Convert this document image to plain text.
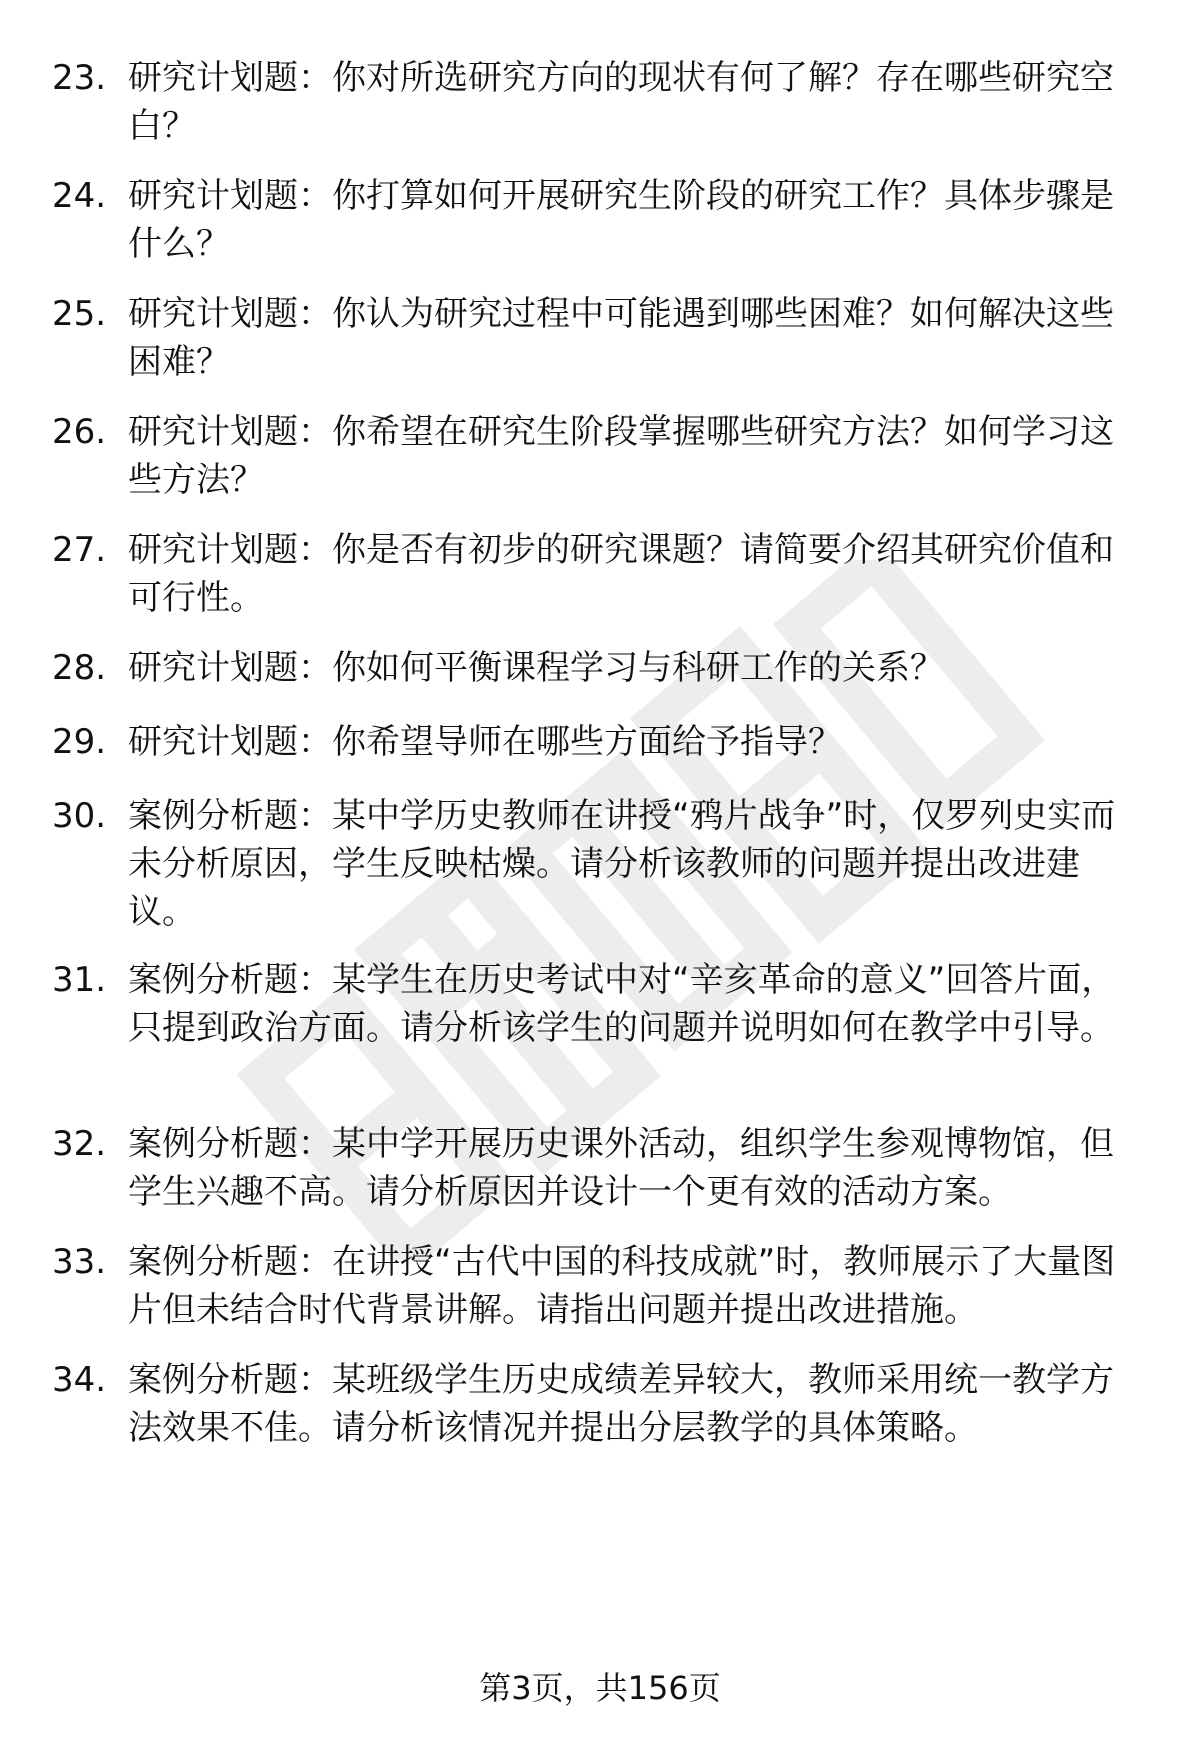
23. 研究计划题：你对所选研究方向的现状有何了解？存在哪些研究空白？
24. 研究计划题：你打算如何开展研究生阶段的研究工作？具体步骤是什么？
25. 研究计划题：你认为研究过程中可能遇到哪些困难？如何解决这些困难？
26. 研究计划题：你希望在研究生阶段掌握哪些研究方法？如何学习这些方法？
27. 研究计划题：你是否有初步的研究课题？请简要介绍其研究价值和可行性。
28. 研究计划题：你如何平衡课程学习与科研工作的关系？
29. 研究计划题：你希望导师在哪些方面给予指导？
30. 案例分析题：某中学历史教师在讲授“鸦片战争”时，仅罗列史实而未分析原因，学生反映枯燥。请分析该教师的问题并提出改进建议。
31. 案例分析题：某学生在历史考试中对“辛亥革命的意义”回答片面，只提到政治方面。请分析该学生的问题并说明如何在教学中引导。
32. 案例分析题：某中学开展历史课外活动，组织学生参观博物馆，但学生兴趣不高。请分析原因并设计一个更有效的活动方案。
33. 案例分析题：在讲授“古代中国的科技成就”时，教师展示了大量图片但未结合时代背景讲解。请指出问题并提出改进措施。
34. 案例分析题：某班级学生历史成绩差异较大，教师采用统一教学方法效果不佳。请分析该情况并提出分层教学的具体策略。
第3页，共156页
